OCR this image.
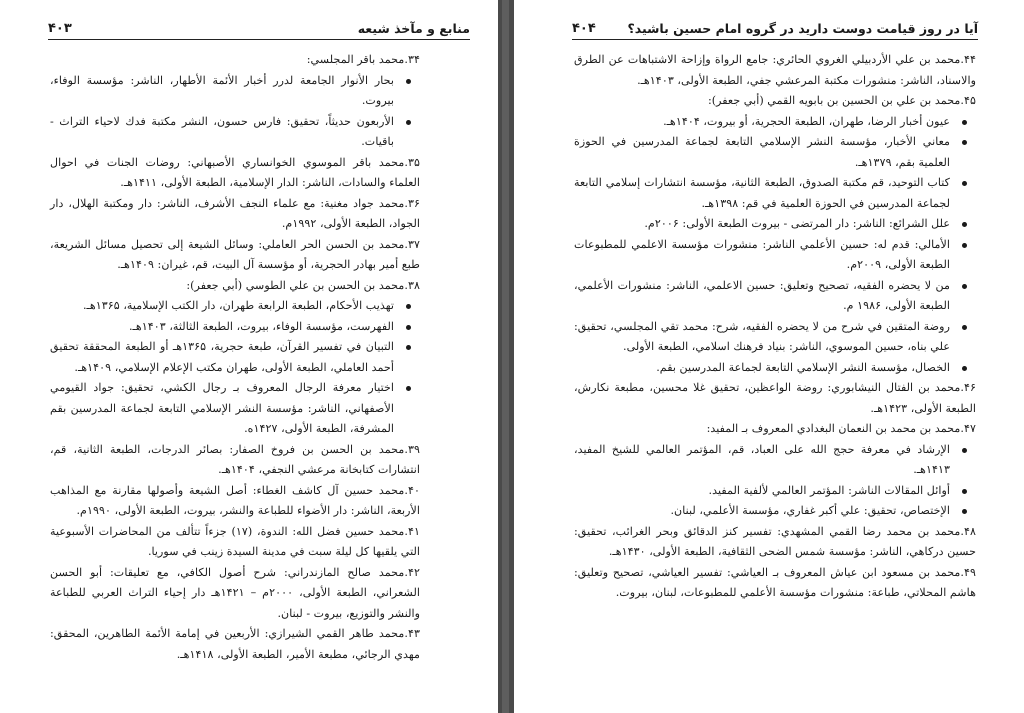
۴۰۳	منابع و مآخذ شیعه

۳۴.محمد باقر المجلسي:

بحار الأنوار الجامعة لدرر أخبار الأئمة الأطهار، الناشر: مؤسسة الوفاء، بيروت.
الأربعون حديثاً، تحقيق: فارس حسون، النشر مكتبة فدك لاحياء التراث - باقيات.

۳۵.محمد باقر الموسوي الخوانساري الأصبهاني: روضات الجنات في احوال العلماء والسادات، الناشر: الدار الإسلامية، الطبعة الأولى، ۱۴۱۱هـ.

۳۶.محمد جواد مغنية: مع علماء النجف الأشرف، الناشر: دار ومكتبة الهلال، دار الجواد، الطبعة الأولى، ۱۹۹۲م.

۳۷.محمد بن الحسن الحر العاملي: وسائل الشيعة إلى تحصيل مسائل الشريعة، طبع أمير بهادر الحجرية، أو مؤسسة آل البيت، قم، غيران: ۱۴۰۹هـ.

۳۸.محمد بن الحسن بن علي الطوسي (أبي جعفر):

تهذيب الأحكام، الطبعة الرابعة طهران، دار الكتب الإسلامية، ۱۳۶۵هـ.
الفهرست، مؤسسة الوفاء، بيروت، الطبعة الثالثة، ۱۴۰۳هـ.
التبيان في تفسير القرآن، طبعة حجرية، ۱۳۶۵هـ أو الطبعة المحققة تحقيق أحمد العاملي، الطبعة الأولى، طهران مكتب الإعلام الإسلامي، ۱۴۰۹هـ.
اختيار معرفة الرجال المعروف بـ رجال الكشي، تحقيق: جواد القيومي الأصفهاني، الناشر: مؤسسة النشر الإسلامي التابعة لجماعة المدرسين بقم المشرفة، الطبعة الأولى، ۱۴۲۷ه.

۳۹.محمد بن الحسن بن فروخ الصفار: بصائر الدرجات، الطبعة الثانية، قم، انتشارات كتابخانة مرعشي النجفي، ۱۴۰۴هـ.

۴۰.محمد حسين آل كاشف الغطاء: أصل الشيعة وأصولها مقارنة مع المذاهب الأربعة، الناشر: دار الأضواء للطباعة والنشر، بيروت، الطبعة الأولى، ۱۹۹۰م.

۴۱.محمد حسين فضل الله: الندوة، (۱۷) جزءاً تتألف من المحاضرات الأسبوعية التي يلقيها كل ليلة سبت في مدينة السيدة زينب في سوريا.

۴۲.محمد صالح المازندراني: شرح أصول الكافي، مع تعليقات: أبو الحسن الشعراني، الطبعة الأولى، ۲۰۰۰م – ۱۴۲۱هـ دار إحياء التراث العربي للطباعة والنشر والتوزيع، بيروت - لبنان.

۴۳.محمد طاهر القمي الشيرازي: الأربعين في إمامة الأئمة الطاهرين، المحقق: مهدي الرجائي، مطبعة الأمير، الطبعة الأولى، ۱۴۱۸هـ.

۴۰۴	آیا در روز قیامت دوست دارید در گروه امام حسین باشید؟

۴۴.محمد بن علي الأردبيلي الغروي الحائري: جامع الرواة وإزاحة الاشتباهات عن الطرق والاسناد، الناشر: منشورات مكتبة المرعشي جفي، الطبعة الأولى، ۱۴۰۳هـ.

۴۵.محمد بن علي بن الحسين بن بابويه القمي (أبي جعفر):

عيون أخبار الرضا، طهران، الطبعة الحجرية، أو بيروت، ۱۴۰۴هـ.
معاني الأخبار، مؤسسة النشر الإسلامي التابعة لجماعة المدرسين في الحوزة العلمية بقم، ۱۳۷۹هـ.
كتاب التوحيد، قم مكتبة الصدوق، الطبعة الثانية، مؤسسة انتشارات إسلامي التابعة لجماعة المدرسين في الحوزة العلمية في قم: ۱۳۹۸هـ.
علل الشرائع: الناشر: دار المرتضى - بيروت الطبعة الأولى: ۲۰۰۶م.
الأمالي: قدم له: حسين الأعلمي الناشر: منشورات مؤسسة الاعلمي للمطبوعات الطبعة الأولى، ۲۰۰۹م.
من لا يحضره الفقيه، تصحيح وتعليق: حسين الاعلمي، الناشر: منشورات الأعلمي، الطبعة الأولى، ۱۹۸۶ م.
روضة المتقين في شرح من لا يحضره الفقيه، شرح: محمد تقي المجلسي، تحقيق: علي بناه، حسين الموسوي، الناشر: بنياد فرهنك اسلامي، الطبعة الأولى.
الخصال، مؤسسة النشر الإسلامي التابعة لجماعة المدرسين بقم.

۴۶.محمد بن الفتال النيشابوري: روضة الواعظين، تحقيق غلا محسين، مطبعة نكارش، الطبعة الأولى، ۱۴۲۳هـ.

۴۷.محمد بن محمد بن النعمان البغدادي المعروف بـ المفيد:

الإرشاد في معرفة حجج الله على العباد، قم، المؤتمر العالمي للشيخ المفيد، ۱۴۱۳هـ.
أوائل المقالات الناشر: المؤتمر العالمي لألفية المفيد.
الإختصاص، تحقيق: علي أكبر غفاري، مؤسسة الأعلمي، لبنان.

۴۸.محمد بن محمد رضا القمي المشهدي: تفسير كنز الدقائق وبحر الغرائب، تحقيق: حسين دركاهي، الناشر: مؤسسة شمس الضحى الثقافية، الطبعة الأولى، ۱۴۳۰هـ.

۴۹.محمد بن مسعود ابن عياش المعروف بـ العياشي: تفسير العياشي، تصحيح وتعليق: هاشم المحلاتي، طباعة: منشورات مؤسسة الأعلمي للمطبوعات، لبنان، بيروت.
